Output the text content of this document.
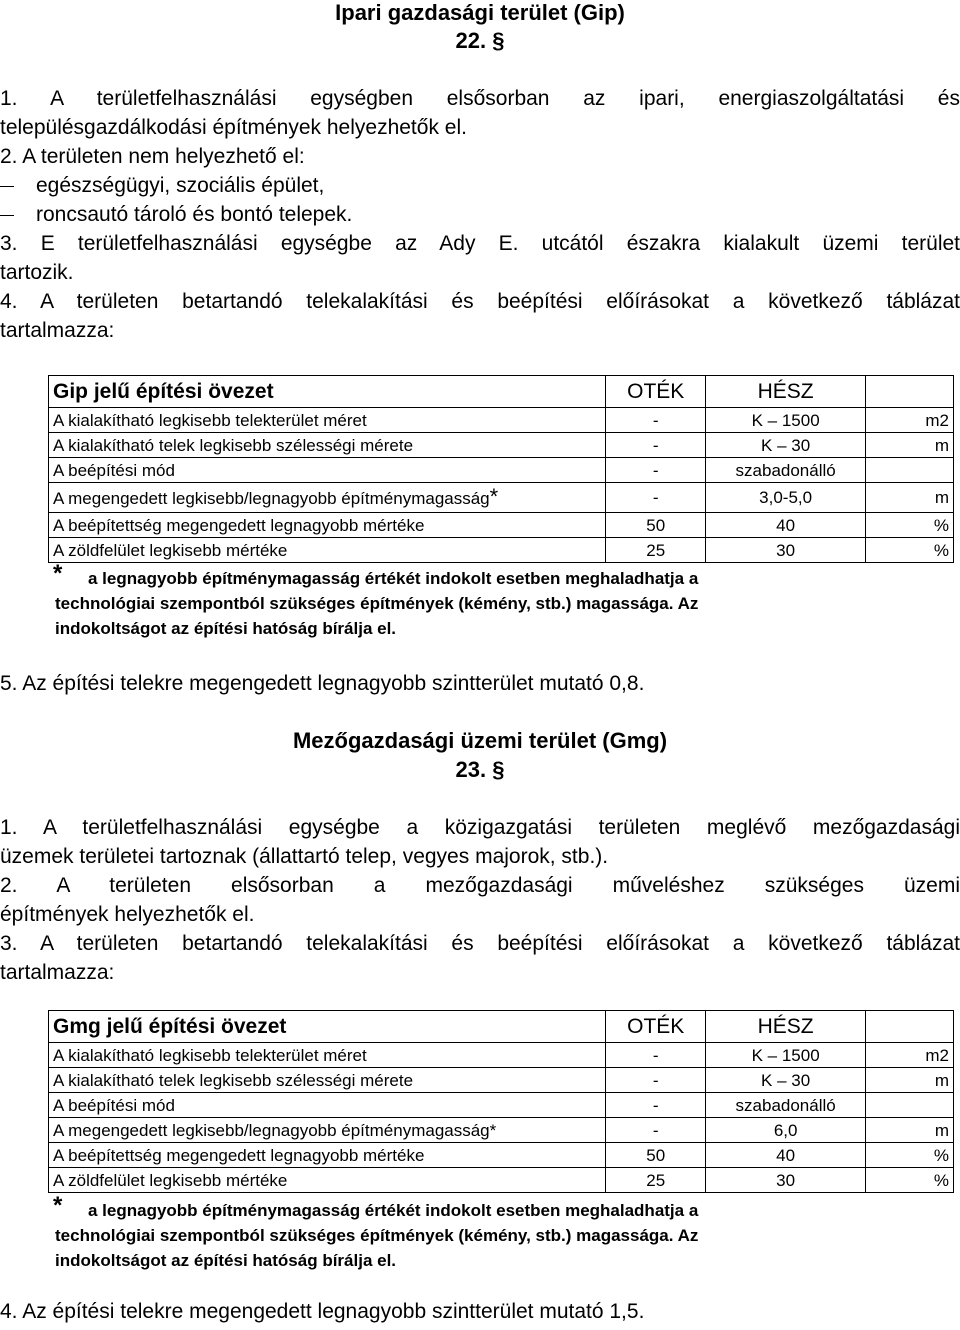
Ipari gazdasági terület (Gip)
22. §
1. A területfelhasználási egységben elsősorban az ipari, energiaszolgáltatási és
településgazdálkodási építmények helyezhetők el.
2. A területen nem helyezhető el:
egészségügyi, szociális épület,
roncsautó tároló és bontó telepek.
3. E területfelhasználási egységbe az Ady E. utcától északra kialakult üzemi terület
tartozik.
4. A területen betartandó telekalakítási és beépítési előírásokat a következő táblázat
tartalmazza:
Gip jelű építési övezet	OTÉK	HÉSZ	
A kialakítható legkisebb telekterület méret	-	K – 1500	m2
A kialakítható telek legkisebb szélességi mérete	-	K – 30	m
A beépítési mód	-	szabadonálló	
A megengedett legkisebb/legnagyobb építménymagasság*	-	3,0-5,0	m
A beépítettség megengedett legnagyobb mértéke	50	40	%
A zöldfelület legkisebb mértéke	25	30	%
* a legnagyobb építménymagasság értékét indokolt esetben meghaladhatja a
technológiai szempontból szükséges építmények (kémény, stb.) magassága. Az
indokoltságot az építési hatóság bírálja el.
5. Az építési telekre megengedett legnagyobb szintterület mutató 0,8.
Mezőgazdasági üzemi terület (Gmg)
23. §
1. A területfelhasználási egységbe a közigazgatási területen meglévő mezőgazdasági
üzemek területei tartoznak (állattartó telep, vegyes majorok, stb.).
2. A területen elsősorban a mezőgazdasági műveléshez szükséges üzemi
építmények helyezhetők el.
3. A területen betartandó telekalakítási és beépítési előírásokat a következő táblázat
tartalmazza:
Gmg jelű építési övezet	OTÉK	HÉSZ	
A kialakítható legkisebb telekterület méret	-	K – 1500	m2
A kialakítható telek legkisebb szélességi mérete	-	K – 30	m
A beépítési mód	-	szabadonálló	
A megengedett legkisebb/legnagyobb építménymagasság*	-	6,0	m
A beépítettség megengedett legnagyobb mértéke	50	40	%
A zöldfelület legkisebb mértéke	25	30	%
* a legnagyobb építménymagasság értékét indokolt esetben meghaladhatja a
technológiai szempontból szükséges építmények (kémény, stb.) magassága. Az
indokoltságot az építési hatóság bírálja el.
4. Az építési telekre megengedett legnagyobb szintterület mutató 1,5.
